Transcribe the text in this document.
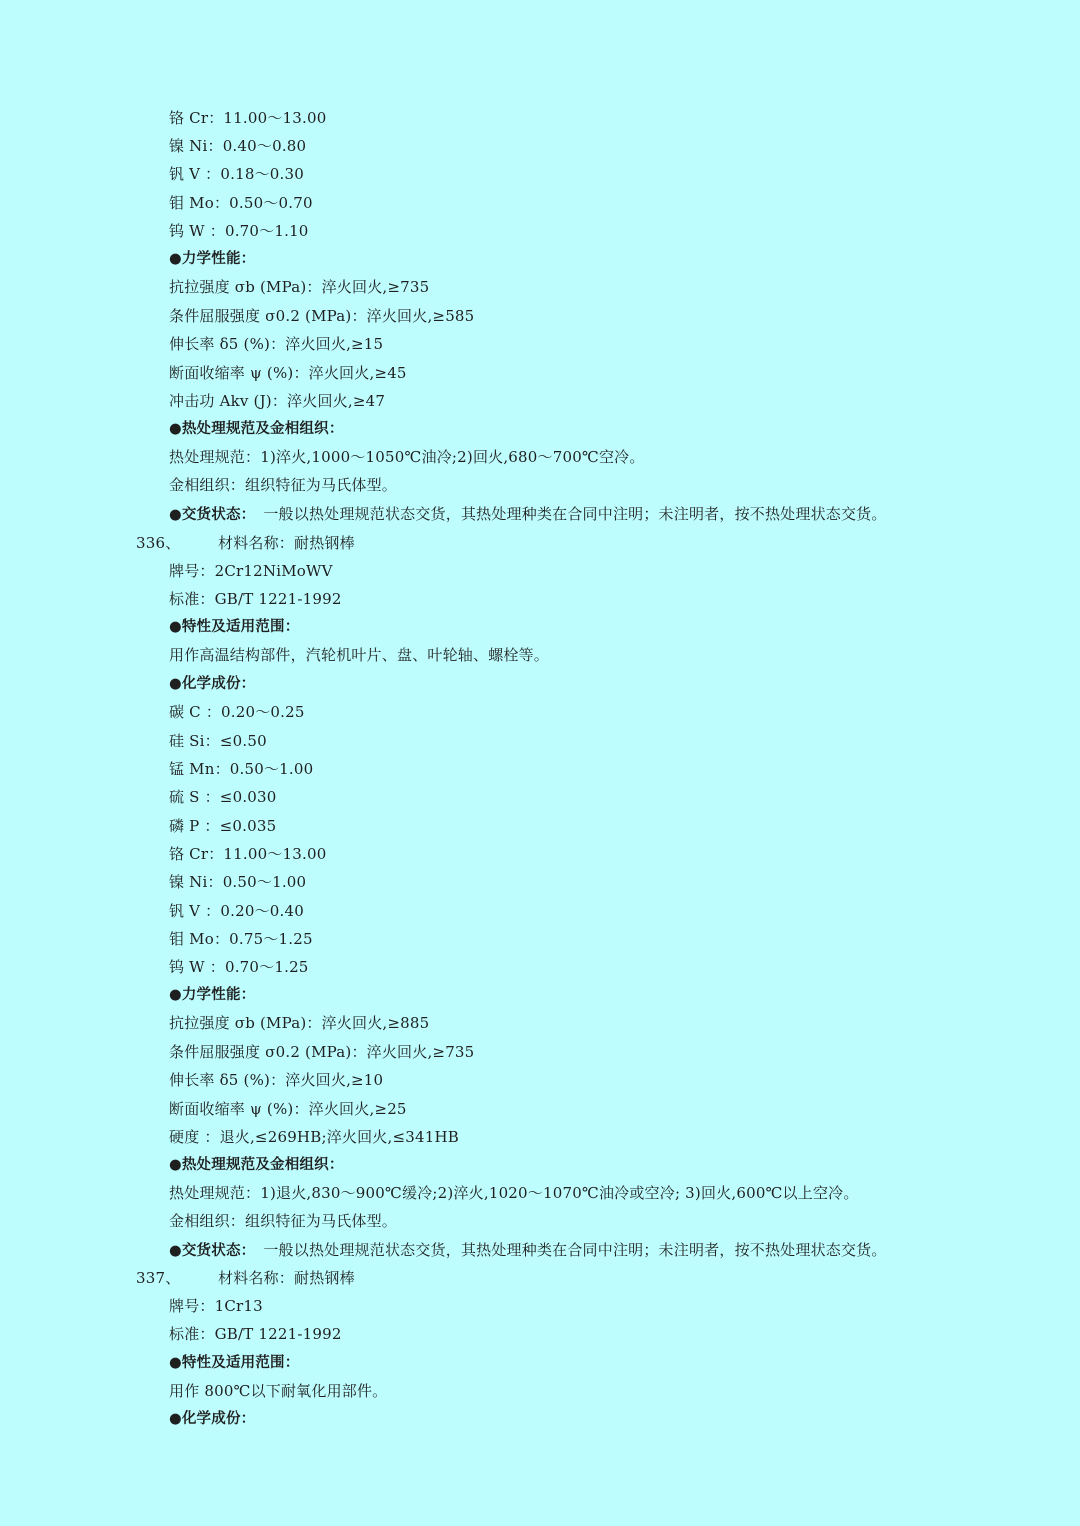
铬 Cr：11.00～13.00
镍 Ni：0.40～0.80
钒 V ：0.18～0.30
钼 Mo：0.50～0.70
钨 W ：0.70～1.10
●力学性能：
抗拉强度 σb (MPa)：淬火回火,≥735
条件屈服强度 σ0.2 (MPa)：淬火回火,≥585
伸长率 δ5 (%)：淬火回火,≥15
断面收缩率 ψ (%)：淬火回火,≥45
冲击功 Akv (J)：淬火回火,≥47
●热处理规范及金相组织：
热处理规范：1)淬火,1000～1050℃油冷;2)回火,680～700℃空冷。
金相组织：组织特征为马氏体型。
●交货状态： 一般以热处理规范状态交货，其热处理种类在合同中注明；未注明者，按不热处理状态交货。
336、	材料名称：耐热钢棒
牌号：2Cr12NiMoWV
标准：GB/T 1221-1992
●特性及适用范围：
用作高温结构部件，汽轮机叶片、盘、叶轮轴、螺栓等。
●化学成份：
碳 C ：0.20～0.25
硅 Si：≤0.50
锰 Mn：0.50～1.00
硫 S ：≤0.030
磷 P ：≤0.035
铬 Cr：11.00～13.00
镍 Ni：0.50～1.00
钒 V ：0.20～0.40
钼 Mo：0.75～1.25
钨 W ：0.70～1.25
●力学性能：
抗拉强度 σb (MPa)：淬火回火,≥885
条件屈服强度 σ0.2 (MPa)：淬火回火,≥735
伸长率 δ5 (%)：淬火回火,≥10
断面收缩率 ψ (%)：淬火回火,≥25
硬度 ：退火,≤269HB;淬火回火,≤341HB
●热处理规范及金相组织：
热处理规范：1)退火,830～900℃缓冷;2)淬火,1020～1070℃油冷或空冷; 3)回火,600℃以上空冷。
金相组织：组织特征为马氏体型。
●交货状态： 一般以热处理规范状态交货，其热处理种类在合同中注明；未注明者，按不热处理状态交货。
337、	材料名称：耐热钢棒
牌号：1Cr13
标准：GB/T 1221-1992
●特性及适用范围：
用作 800℃以下耐氧化用部件。
●化学成份：
